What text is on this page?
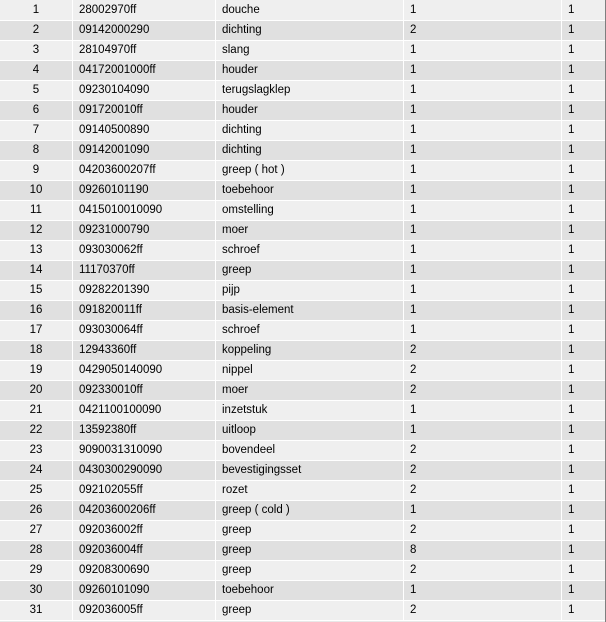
1	28002970ff	douche	1	1
2	09142000290	dichting	2	1
3	28104970ff	slang	1	1
4	04172001000ff	houder	1	1
5	09230104090	terugslagklep	1	1
6	091720010ff	houder	1	1
7	09140500890	dichting	1	1
8	09142001090	dichting	1	1
9	04203600207ff	greep ( hot )	1	1
10	09260101190	toebehoor	1	1
11	0415010010090	omstelling	1	1
12	09231000790	moer	1	1
13	093030062ff	schroef	1	1
14	11170370ff	greep	1	1
15	09282201390	pijp	1	1
16	091820011ff	basis-element	1	1
17	093030064ff	schroef	1	1
18	12943360ff	koppeling	2	1
19	0429050140090	nippel	2	1
20	092330010ff	moer	2	1
21	0421100100090	inzetstuk	1	1
22	13592380ff	uitloop	1	1
23	9090031310090	bovendeel	2	1
24	0430300290090	bevestigingsset	2	1
25	092102055ff	rozet	2	1
26	04203600206ff	greep ( cold )	1	1
27	092036002ff	greep	2	1
28	092036004ff	greep	8	1
29	09208300690	greep	2	1
30	09260101090	toebehoor	1	1
31	092036005ff	greep	2	1
